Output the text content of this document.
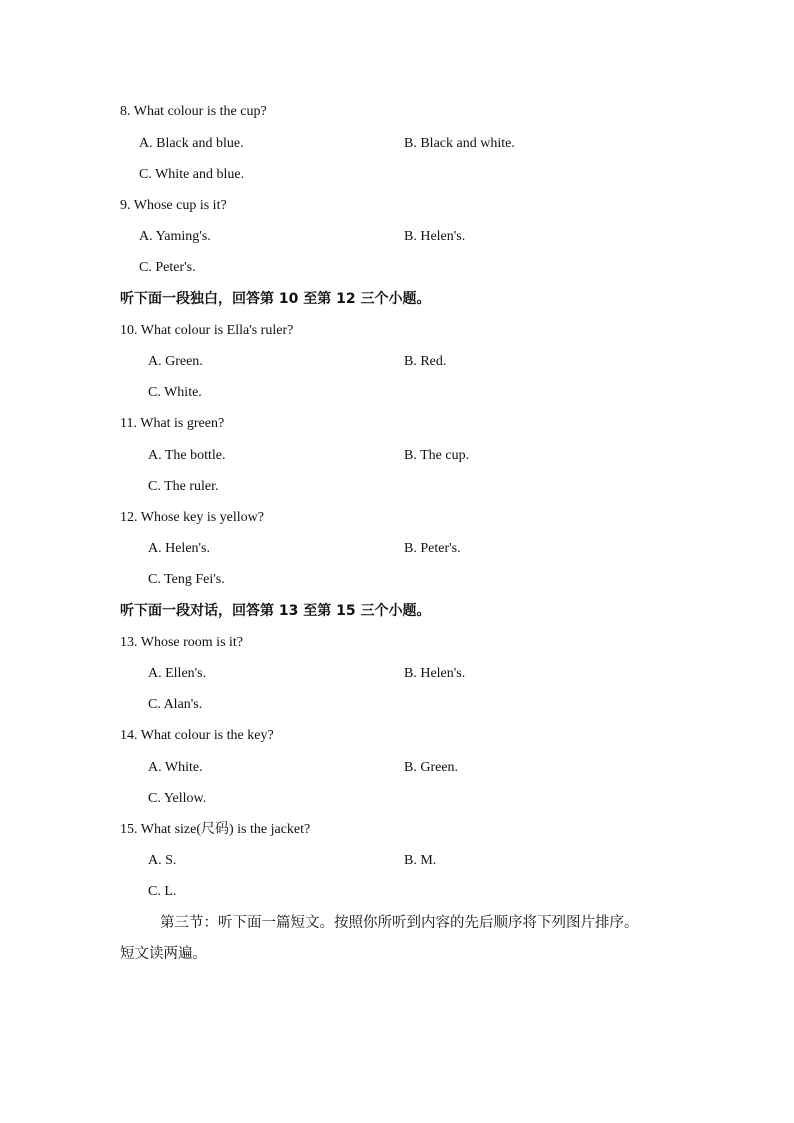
8. What colour is the cup?
A. Black and blue.	B. Black and white.
C. White and blue.
9. Whose cup is it?
A. Yaming's.	B. Helen's.
C. Peter's.
听下面一段独白，回答第 10 至第 12 三个小题。
10. What colour is Ella's ruler?
A. Green.	B. Red.
C. White.
11. What is green?
A. The bottle.	B. The cup.
C. The ruler.
12. Whose key is yellow?
A. Helen's.	B. Peter's.
C. Teng Fei's.
听下面一段对话，回答第 13 至第 15 三个小题。
13. Whose room is it?
A. Ellen's.	B. Helen's.
C. Alan's.
14. What colour is the key?
A. White.	B. Green.
C. Yellow.
15. What size(尺码) is the jacket?
A. S.	B. M.
C. L.
第三节：听下面一篇短文。按照你所听到内容的先后顺序将下列图片排序。
短文读两遍。
